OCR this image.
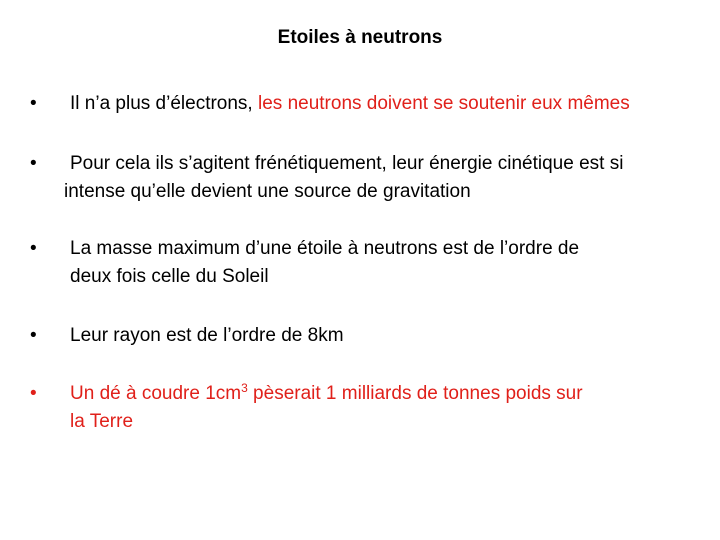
Etoiles à neutrons
•	Il n’a plus d’électrons, les neutrons doivent se soutenir eux mêmes
•	Pour cela ils s’agitent frénétiquement, leur énergie cinétique est si
intense qu’elle devient une source de gravitation
•	La masse maximum d’une étoile à neutrons est de l’ordre de
deux fois celle du Soleil
•	Leur rayon est de l’ordre de 8km
•	Un dé à coudre $1cm^3$ pèserait 1 milliards de tonnes poids sur
la Terre
